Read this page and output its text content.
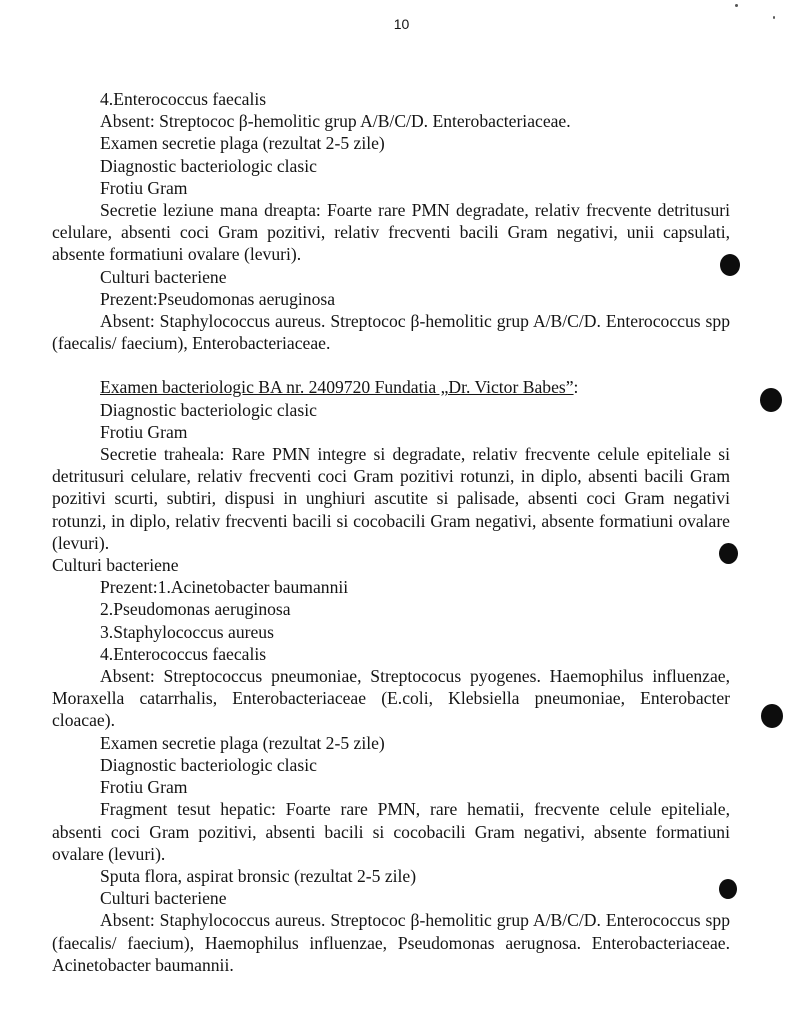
10

4.Enterococcus faecalis

Absent: Streptococ β-hemolitic grup A/B/C/D. Enterobacteriaceae.

Examen secretie plaga (rezultat 2-5 zile)

Diagnostic bacteriologic clasic

Frotiu Gram

Secretie leziune mana dreapta: Foarte rare PMN degradate, relativ frecvente detritusuri celulare, absenti coci Gram pozitivi, relativ frecventi bacili Gram negativi, unii capsulati, absente formatiuni ovalare (levuri).

Culturi bacteriene

Prezent:Pseudomonas aeruginosa

Absent: Staphylococcus aureus. Streptococ β-hemolitic grup A/B/C/D. Enterococcus spp (faecalis/ faecium), Enterobacteriaceae.

Examen bacteriologic BA nr. 2409720 Fundatia „Dr. Victor Babes”:

Diagnostic bacteriologic clasic

Frotiu Gram

Secretie traheala: Rare PMN integre si degradate, relativ frecvente celule epiteliale si detritusuri celulare, relativ frecventi coci Gram pozitivi rotunzi, in diplo, absenti bacili Gram pozitivi scurti, subtiri, dispusi in unghiuri ascutite si palisade, absenti coci Gram negativi rotunzi, in diplo, relativ frecventi bacili si cocobacili Gram negativi, absente formatiuni ovalare (levuri).

Culturi bacteriene

Prezent:1.Acinetobacter baumannii

2.Pseudomonas aeruginosa

3.Staphylococcus aureus

4.Enterococcus faecalis

Absent: Streptococcus pneumoniae, Streptococus pyogenes. Haemophilus influenzae, Moraxella catarrhalis, Enterobacteriaceae (E.coli, Klebsiella pneumoniae, Enterobacter cloacae).

Examen secretie plaga (rezultat 2-5 zile)

Diagnostic bacteriologic clasic

Frotiu Gram

Fragment tesut hepatic: Foarte rare PMN, rare hematii, frecvente celule epiteliale, absenti coci Gram pozitivi, absenti bacili si cocobacili Gram negativi, absente formatiuni ovalare (levuri).

Sputa flora, aspirat bronsic (rezultat 2-5 zile)

Culturi bacteriene

Absent: Staphylococcus aureus. Streptococ β-hemolitic grup A/B/C/D. Enterococcus spp (faecalis/ faecium), Haemophilus influenzae, Pseudomonas aerugnosa. Enterobacteriaceae. Acinetobacter baumannii.
